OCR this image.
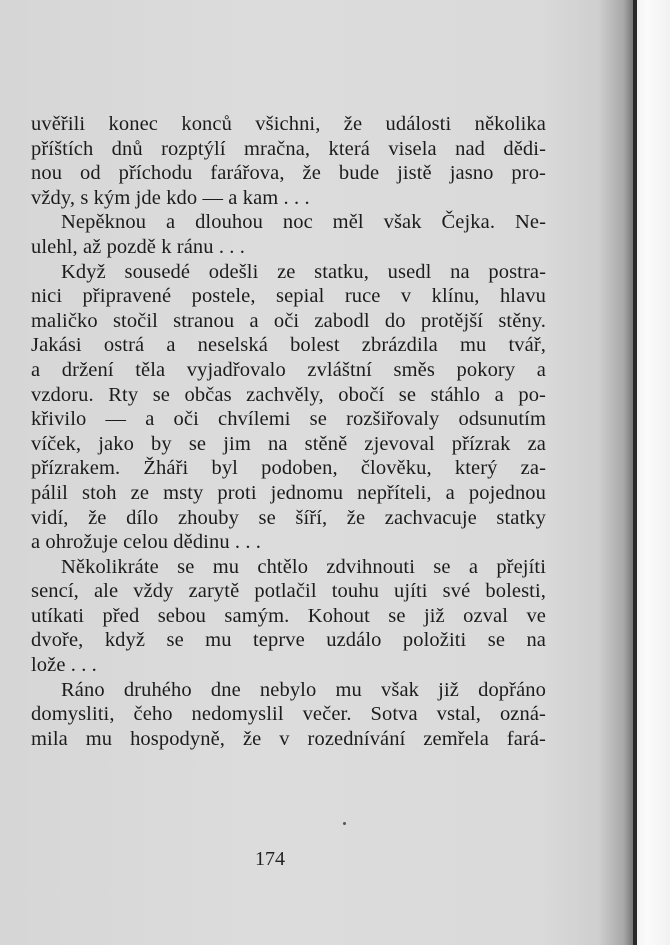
uvěřili konec konců všichni, že události několika
příštích dnů rozptýlí mračna, která visela nad dědi-
nou od příchodu farářova, že bude jistě jasno pro-
vždy, s kým jde kdo — a kam . . .
Nepěknou a dlouhou noc měl však Čejka. Ne-
ulehl, až pozdě k ránu . . .
Když sousedé odešli ze statku, usedl na postra-
nici připravené postele, sepial ruce v klínu, hlavu
maličko stočil stranou a oči zabodl do protější stěny.
Jakási ostrá a neselská bolest zbrázdila mu tvář,
a držení těla vyjadřovalo zvláštní směs pokory a
vzdoru. Rty se občas zachvěly, obočí se stáhlo a po-
křivilo — a oči chvílemi se rozšiřovaly odsunutím
víček, jako by se jim na stěně zjevoval přízrak za
přízrakem. Žháři byl podoben, člověku, který za-
pálil stoh ze msty proti jednomu nepříteli, a pojednou
vidí, že dílo zhouby se šíří, že zachvacuje statky
a ohrožuje celou dědinu . . .
Několikráte se mu chtělo zdvihnouti se a přejíti
sencí, ale vždy zarytě potlačil touhu ujíti své bolesti,
utíkati před sebou samým. Kohout se již ozval ve
dvoře, když se mu teprve uzdálo položiti se na
lože . . .
Ráno druhého dne nebylo mu však již dopřáno
domysliti, čeho nedomyslil večer. Sotva vstal, ozná-
mila mu hospodyně, že v rozednívání zemřela fará-
174
